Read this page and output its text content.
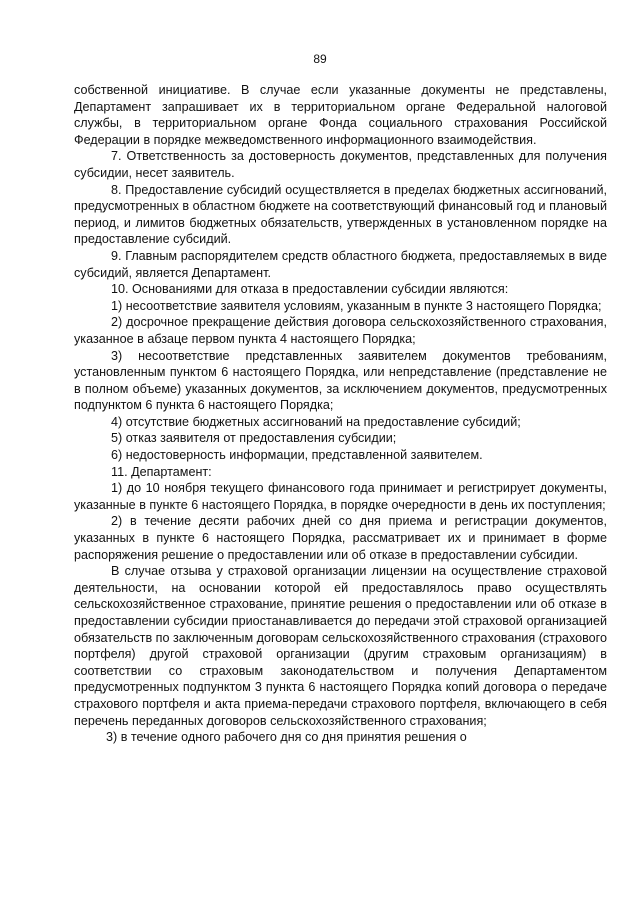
89

собственной инициативе. В случае если указанные документы не представлены, Департамент запрашивает их в территориальном органе Федеральной налоговой службы, в территориальном органе Фонда социального страхования Российской Федерации в порядке межведомственного информационного взаимодействия.

7. Ответственность за достоверность документов, представленных для получения субсидии, несет заявитель.

8. Предоставление субсидий осуществляется в пределах бюджетных ассигнований, предусмотренных в областном бюджете на соответствующий финансовый год и плановый период, и лимитов бюджетных обязательств, утвержденных в установленном порядке на предоставление субсидий.

9. Главным распорядителем средств областного бюджета, предоставляемых в виде субсидий, является Департамент.

10. Основаниями для отказа в предоставлении субсидии являются:

1) несоответствие заявителя условиям, указанным в пункте 3 настоящего Порядка;

2) досрочное прекращение действия договора сельскохозяйственного страхования, указанное в абзаце первом пункта 4 настоящего Порядка;

3) несоответствие представленных заявителем документов требованиям, установленным пунктом 6 настоящего Порядка, или непредставление (представление не в полном объеме) указанных документов, за исключением документов, предусмотренных подпунктом 6 пункта 6 настоящего Порядка;

4) отсутствие бюджетных ассигнований на предоставление субсидий;

5) отказ заявителя от предоставления субсидии;

6) недостоверность информации, представленной заявителем.

11. Департамент:

1) до 10 ноября текущего финансового года принимает и регистрирует документы, указанные в пункте 6 настоящего Порядка, в порядке очередности в день их поступления;

2) в течение десяти рабочих дней со дня приема и регистрации документов, указанных в пункте 6 настоящего Порядка, рассматривает их и принимает в форме распоряжения решение о предоставлении или об отказе в предоставлении субсидии.

В случае отзыва у страховой организации лицензии на осуществление страховой деятельности, на основании которой ей предоставлялось право осуществлять сельскохозяйственное страхование, принятие решения о предоставлении или об отказе в предоставлении субсидии приостанавливается до передачи этой страховой организацией обязательств по заключенным договорам сельскохозяйственного страхования (страхового портфеля) другой страховой организации (другим страховым организациям) в соответствии со страховым законодательством и получения Департаментом предусмотренных подпунктом 3 пункта 6 настоящего Порядка копий договора о передаче страхового портфеля и акта приема-передачи страхового портфеля, включающего в себя перечень переданных договоров сельскохозяйственного страхования;

3) в течение одного рабочего дня со дня принятия решения о
